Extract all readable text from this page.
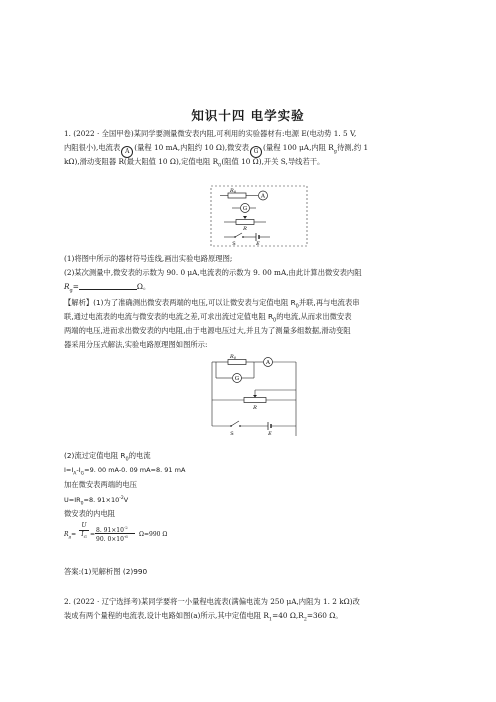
知识十四 电学实验
1. (2022 · 全国甲卷)某同学要测量微安表内阻,可利用的实验器材有:电源 E(电动势 1. 5 V,
内阻很小),电流表 A (量程 10 mA,内阻约 10 Ω),微安表 G (量程 100 μA,内阻 $R_g$待测,约 1
kΩ),滑动变阻器 R(最大阻值 10 Ω),定值电阻 $R_0$(阻值 10 Ω),开关 S,导线若干。
$R_0$
A
G
R
S	E
(1)将图中所示的器材符号连线,画出实验电路原理图;
(2)某次测量中,微安表的示数为 90. 0 μA,电流表的示数为 9. 00 mA,由此计算出微安表内阻
$R_g=$	Ω。
【解析】(1)为了准确测出微安表两端的电压,可以让微安表与定值电阻 $R_0$并联,再与电流表串
联,通过电流表的电流与微安表的电流之差,可求出流过定值电阻 $R_0$的电流,从而求出微安表
两端的电压,进而求出微安表的内电阻,由于电源电压过大,并且为了测量多组数据,滑动变阻
器采用分压式解法,实验电路原理图如图所示:
$R_0$
G
A
R
S	E
(2)流过定值电阻 $R_0$的电流
$I=I_A-I_G=9$. 00 mA-0. 09 mA=8. 91 mA
加在微安表两端的电压
$U=IR_0=8$. $91\times 10^{-2}V$
微安表的内电阻
$R_g=$
U
$I_G$ =
8. $91\times 10^{-2}$
90. $0\times 10^{-6}$ Ω=990 Ω
答案:(1)见解析图 (2)990
2. (2022 · 辽宁选择考)某同学要将一小量程电流表(满偏电流为 250 μA,内阻为 1. 2 kΩ)改
装成有两个量程的电流表,设计电路如图(a)所示,其中定值电阻 $R_1=40$ $\Omega,R_2=360$ Ω。
